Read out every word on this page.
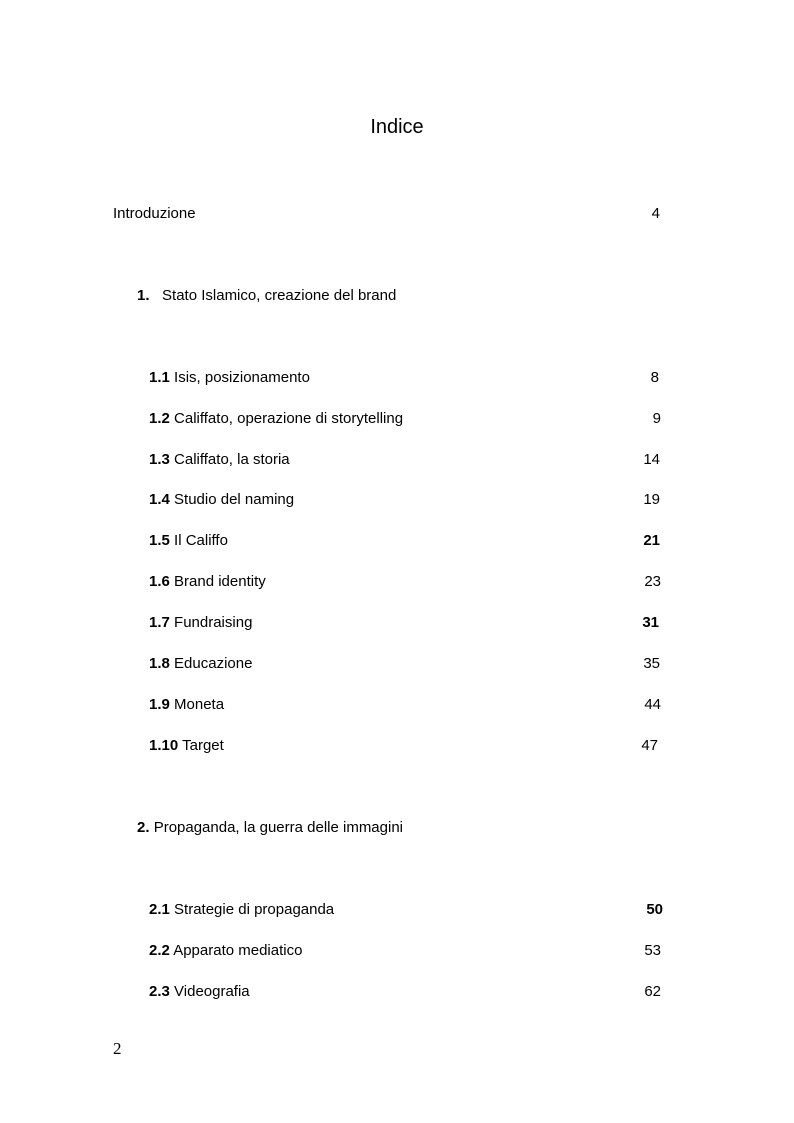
Indice
Introduzione	4
1. Stato Islamico, creazione del brand
1.1 Isis, posizionamento	8
1.2 Califfato, operazione di storytelling	9
1.3 Califfato, la storia	14
1.4 Studio del naming	19
1.5 Il Califfo	21
1.6 Brand identity	23
1.7 Fundraising	31
1.8 Educazione	35
1.9 Moneta	44
1.10 Target	47
2. Propaganda, la guerra delle immagini
2.1 Strategie di propaganda	50
2.2 Apparato mediatico	53
2.3 Videografia	62
2
